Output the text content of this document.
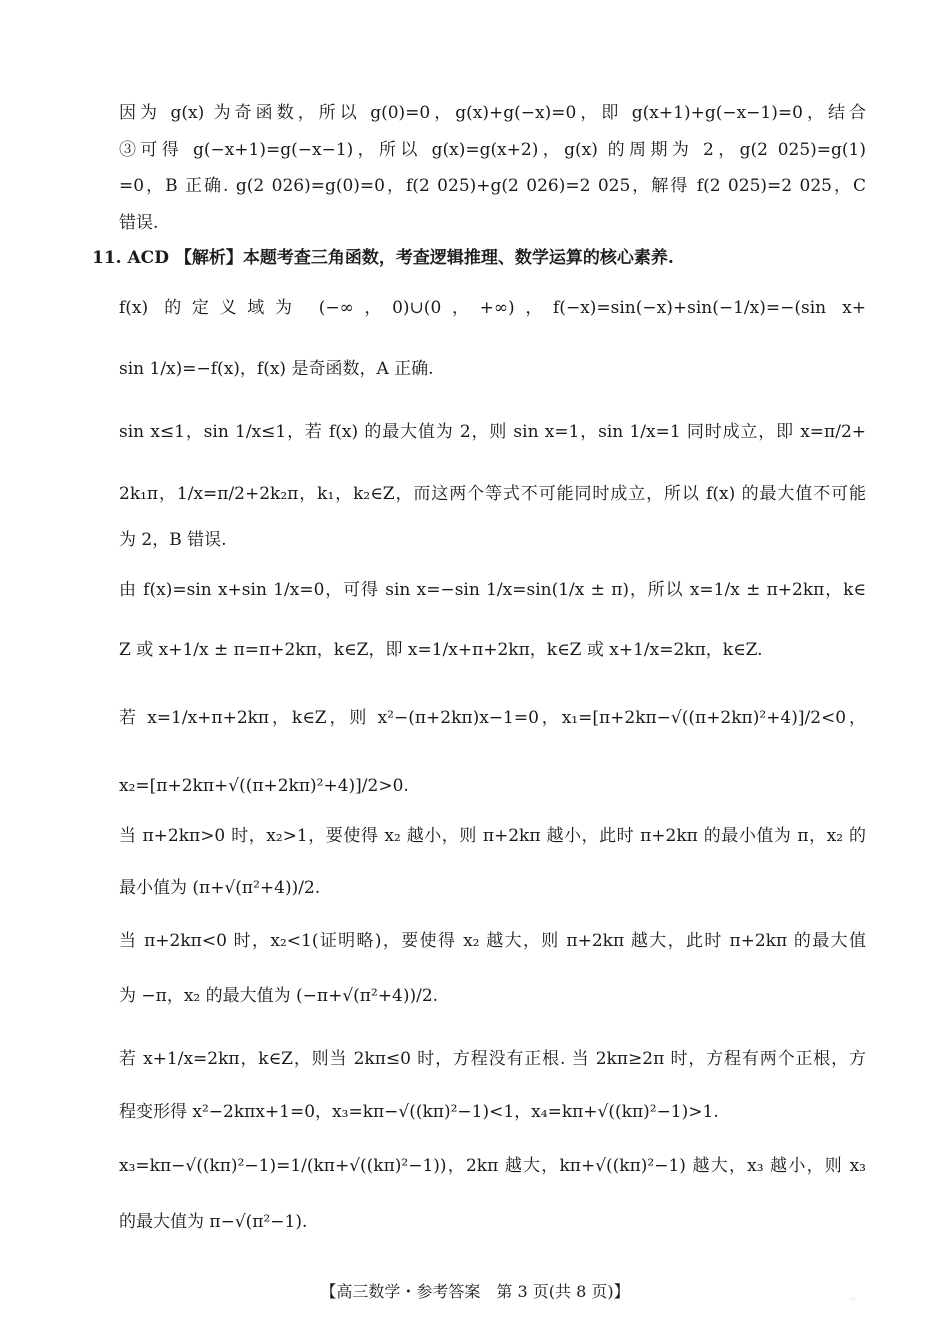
因为 g(x) 为奇函数，所以 g(0)=0，g(x)+g(−x)=0，即 g(x+1)+g(−x−1)=0，结合
③可得 g(−x+1)=g(−x−1)，所以 g(x)=g(x+2)，g(x) 的周期为 2，g(2 025)=g(1)
=0，B 正确. g(2 026)=g(0)=0，f(2 025)+g(2 026)=2 025，解得 f(2 025)=2 025，C
错误.
11. ACD 【解析】本题考查三角函数，考查逻辑推理、数学运算的核心素养.
f(x) 的定义域为 (−∞，0)∪(0，+∞)，f(−x)=sin(−x)+sin(−1/x)=−(sin x+
sin 1/x)=−f(x)，f(x) 是奇函数，A 正确.
sin x≤1，sin 1/x≤1，若 f(x) 的最大值为 2，则 sin x=1，sin 1/x=1 同时成立，即 x=π/2+
2k₁π，1/x=π/2+2k₂π，k₁，k₂∈Z，而这两个等式不可能同时成立，所以 f(x) 的最大值不可能
为 2，B 错误.
由 f(x)=sin x+sin 1/x=0，可得 sin x=−sin 1/x=sin(1/x ± π)，所以 x=1/x ± π+2kπ，k∈
Z 或 x+1/x ± π=π+2kπ，k∈Z，即 x=1/x+π+2kπ，k∈Z 或 x+1/x=2kπ，k∈Z.
若 x=1/x+π+2kπ，k∈Z，则 x²−(π+2kπ)x−1=0，x₁=[π+2kπ−√((π+2kπ)²+4)]/2<0，
x₂=[π+2kπ+√((π+2kπ)²+4)]/2>0.
当 π+2kπ>0 时，x₂>1，要使得 x₂ 越小，则 π+2kπ 越小，此时 π+2kπ 的最小值为 π，x₂ 的
最小值为 (π+√(π²+4))/2.
当 π+2kπ<0 时，x₂<1(证明略)，要使得 x₂ 越大，则 π+2kπ 越大，此时 π+2kπ 的最大值
为 −π，x₂ 的最大值为 (−π+√(π²+4))/2.
若 x+1/x=2kπ，k∈Z，则当 2kπ≤0 时，方程没有正根. 当 2kπ≥2π 时，方程有两个正根，方
程变形得 x²−2kπx+1=0，x₃=kπ−√((kπ)²−1)<1，x₄=kπ+√((kπ)²−1)>1.
x₃=kπ−√((kπ)²−1)=1/(kπ+√((kπ)²−1))，2kπ 越大，kπ+√((kπ)²−1) 越大，x₃ 越小，则 x₃
的最大值为 π−√(π²−1).
【高三数学・参考答案　第 3 页(共 8 页)】	··
